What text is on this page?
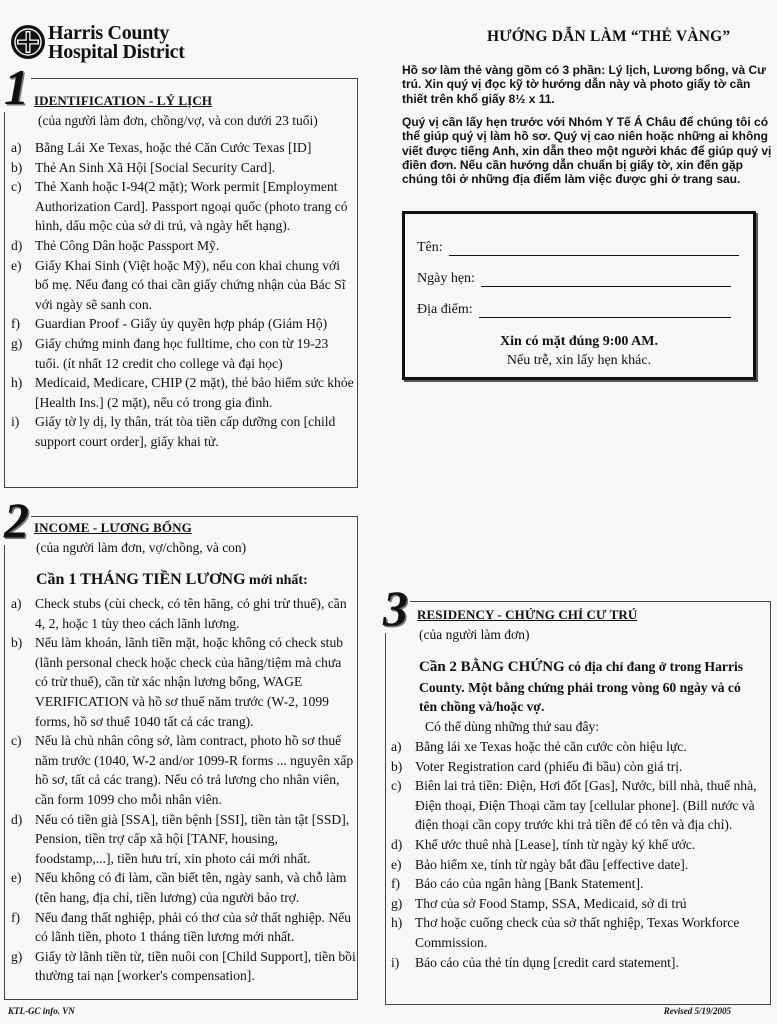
Harris County
Hospital District
HƯỚNG DẪN LÀM “THẺ VÀNG”
Hồ sơ làm thẻ vàng gồm có 3 phần: Lý lịch, Lương bổng, và Cư trú. Xin quý vị đọc kỹ tờ hướng dẫn này và photo giấy tờ cần thiết trên khổ giấy 8½ x 11.
Quý vị cần lấy hẹn trước với Nhóm Y Tế Á Châu để chúng tôi có thể giúp quý vị làm hồ sơ. Quý vị cao niên hoặc những ai không viết được tiếng Anh, xin dẫn theo một người khác để giúp quý vị điền đơn. Nếu cần hướng dẫn chuẩn bị giấy tờ, xin đến gặp chúng tôi ở những địa điểm làm việc được ghi ở trang sau.
Tên:
Ngày hẹn:
Địa điểm:
Xin có mặt đúng 9:00 AM.
Nếu trễ, xin lấy hẹn khác.
1 IDENTIFICATION - LÝ LỊCH
(của người làm đơn, chồng/vợ, và con dưới 23 tuổi)
a) Bằng Lái Xe Texas, hoặc thẻ Căn Cước Texas [ID]
b) Thẻ An Sinh Xã Hội [Social Security Card].
c) Thẻ Xanh hoặc I-94(2 mặt); Work permit [Employment Authorization Card]. Passport ngoại quốc (photo trang có hình, dấu mộc của sở di trú, và ngày hết hạng).
d) Thẻ Công Dân hoặc Passport Mỹ.
e) Giấy Khai Sinh (Việt hoặc Mỹ), nếu con khai chung với bố mẹ. Nếu đang có thai cần giấy chứng nhận của Bác Sĩ với ngày sẽ sanh con.
f)	Guardian Proof - Giấy ủy quyền hợp pháp (Giám Hộ)
g) Giấy chứng minh đang học fulltime, cho con từ 19-23 tuổi. (ít nhất 12 credit cho college và đại học)
h) Medicaid, Medicare, CHIP (2 mặt), thẻ bảo hiểm sức khỏe [Health Ins.] (2 mặt), nếu có trong gia đình.
i)	Giấy tờ ly dị, ly thân, trát tòa tiền cấp dưỡng con [child support court order], giấy khai tử.
2 INCOME - LƯƠNG BỔNG
(của người làm đơn, vợ/chồng, và con)
Cần 1 THÁNG TIỀN LƯƠNG mới nhất:
a) Check stubs (cùi check, có tên hãng, có ghi trừ thuế), cần 4, 2, hoặc 1 tùy theo cách lãnh lương.
b) Nếu làm khoán, lãnh tiền mặt, hoặc không có check stub (lãnh personal check hoặc check của hãng/tiệm mà chưa có trừ thuế), cần từ xác nhận lương bổng, WAGE VERIFICATION và hồ sơ thuế năm trước (W-2, 1099 forms, hồ sơ thuế 1040 tất cả các trang).
c) Nếu là chủ nhân công sở, làm contract, photo hồ sơ thuế năm trước (1040, W-2 and/or 1099-R forms ... nguyên xấp hồ sơ, tất cả các trang). Nếu có trả lương cho nhân viên, cần form 1099 cho mỗi nhân viên.
d) Nếu có tiền già [SSA], tiền bệnh [SSI], tiền tàn tật [SSD], Pension, tiền trợ cấp xã hội [TANF, housing, foodstamp,...], tiền hưu trí, xin photo cái mới nhất.
e) Nếu không có đi làm, cần biết tên, ngày sanh, và chỗ làm (tên hang, địa chỉ, tiền lương) của người bảo trợ.
f)	Nếu đang thất nghiệp, phải có thơ của sở thất nghiệp. Nếu có lãnh tiền, photo 1 tháng tiền lương mới nhất.
g) Giấy tờ lãnh tiền từ, tiền nuôi con [Child Support], tiền bồi thường tai nạn [worker's compensation].
3 RESIDENCY - CHỨNG CHỈ CƯ TRÚ
(của người làm đơn)
Cần 2 BẰNG CHỨNG có địa chỉ đang ở trong Harris County. Một bằng chứng phải trong vòng 60 ngày và có tên chồng và/hoặc vợ.
Có thể dùng những thứ sau đây:
a) Bằng lái xe Texas hoặc thẻ căn cước còn hiệu lực.
b) Voter Registration card (phiếu đi bầu) còn giá trị.
c) Biên lai trả tiền: Điện, Hơi đốt [Gas], Nước, bill nhà, thuế nhà, Điện thoại, Điện Thoại cầm tay [cellular phone]. (Bill nước và điện thoại cần copy trước khi trả tiền để có tên và địa chỉ).
d) Khế ước thuê nhà [Lease], tính từ ngày ký khế ước.
e) Bảo hiểm xe, tính từ ngày bắt đầu [effective date].
f)	Báo cáo của ngân hàng [Bank Statement].
g) Thơ của sở Food Stamp, SSA, Medicaid, sở di trú
h) Thơ hoặc cuống check của sở thất nghiệp, Texas Workforce Commission.
i)	Báo cáo của thẻ tín dụng [credit card statement].
KTL-GC info. VN	Revised 5/19/2005
